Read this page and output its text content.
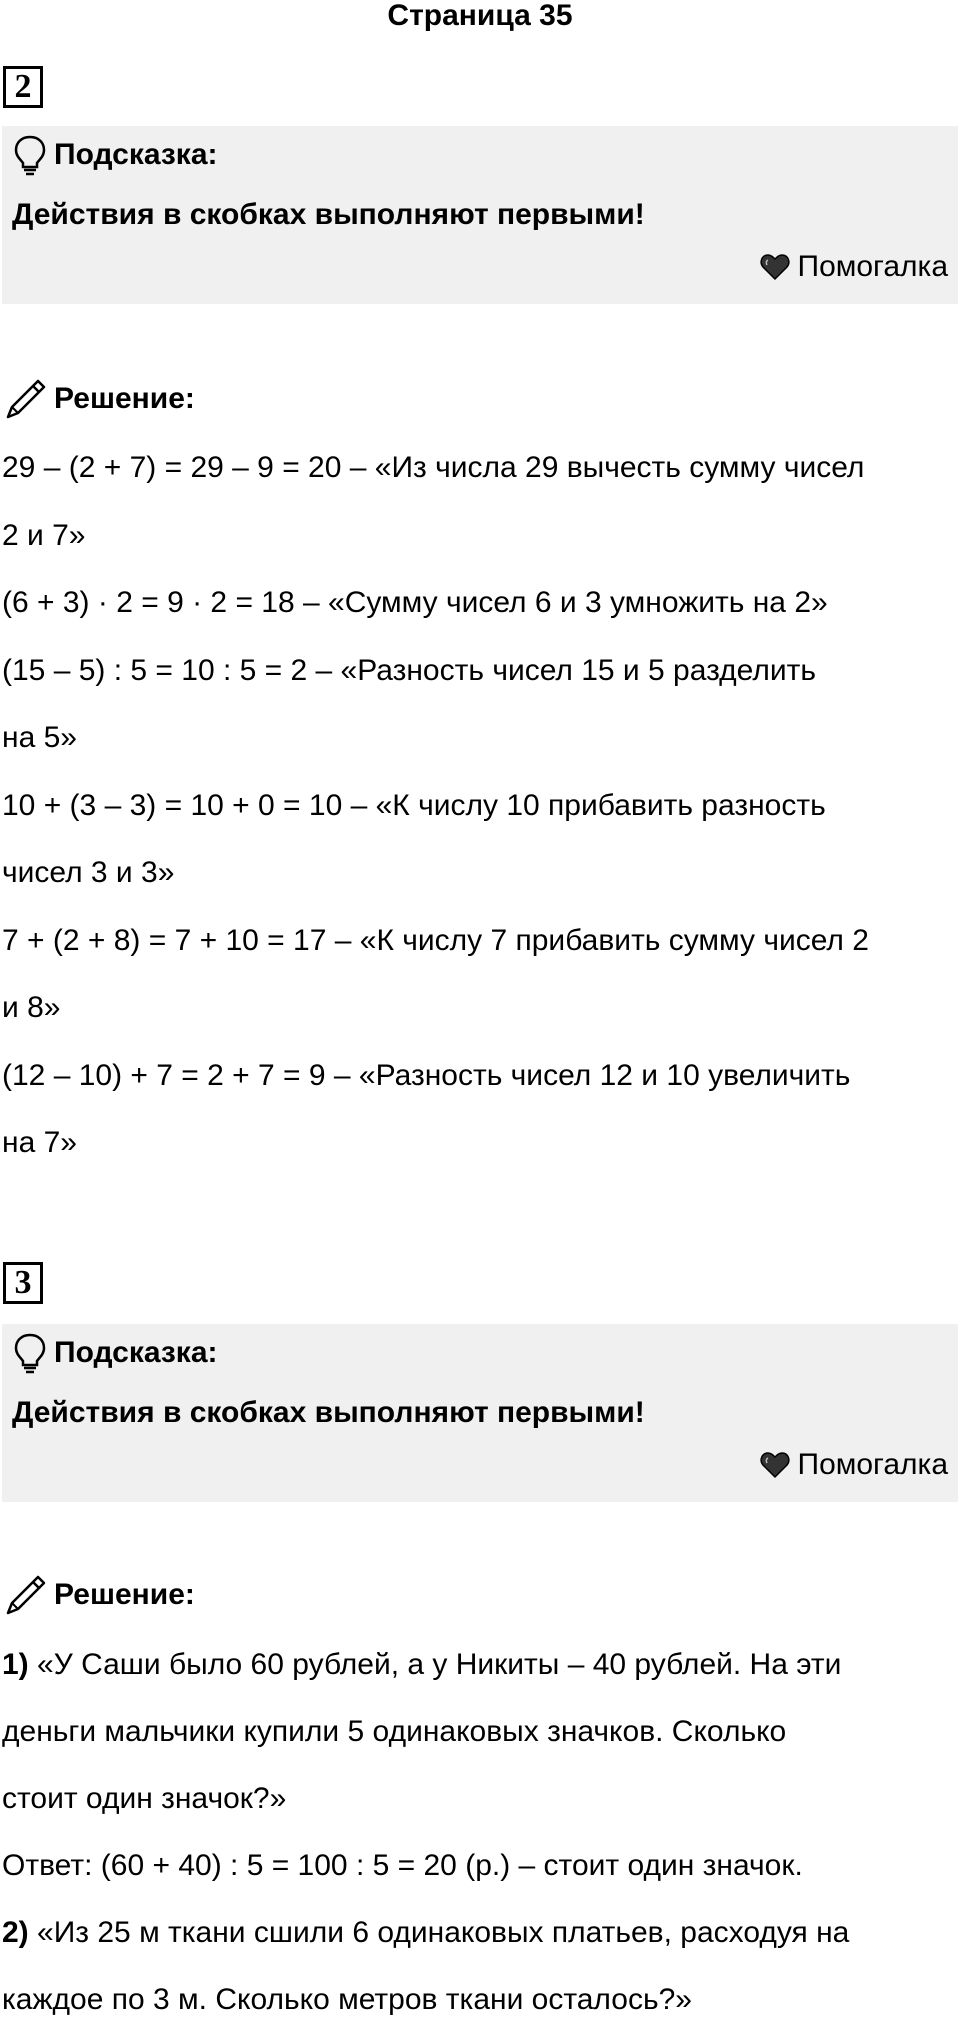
Страница 35
2
Подсказка:
Действия в скобках выполняют первыми!
Помогалка
Решение:
29 – (2 + 7) = 29 – 9 = 20 – «Из числа 29 вычесть сумму чисел
2 и 7»
(6 + 3) · 2 = 9 · 2 = 18 – «Сумму чисел 6 и 3 умножить на 2»
(15 – 5) : 5 = 10 : 5 = 2 – «Разность чисел 15 и 5 разделить
на 5»
10 + (3 – 3) = 10 + 0 = 10 – «К числу 10 прибавить разность
чисел 3 и 3»
7 + (2 + 8) = 7 + 10 = 17 – «К числу 7 прибавить сумму чисел 2
и 8»
(12 – 10) + 7 = 2 + 7 = 9 – «Разность чисел 12 и 10 увеличить
на 7»
3
Подсказка:
Действия в скобках выполняют первыми!
Помогалка
Решение:
1) «У Саши было 60 рублей, а у Никиты – 40 рублей. На эти
деньги мальчики купили 5 одинаковых значков. Сколько
стоит один значок?»
Ответ: (60 + 40) : 5 = 100 : 5 = 20 (р.) – стоит один значок.
2) «Из 25 м ткани сшили 6 одинаковых платьев, расходуя на
каждое по 3 м. Сколько метров ткани осталось?»
